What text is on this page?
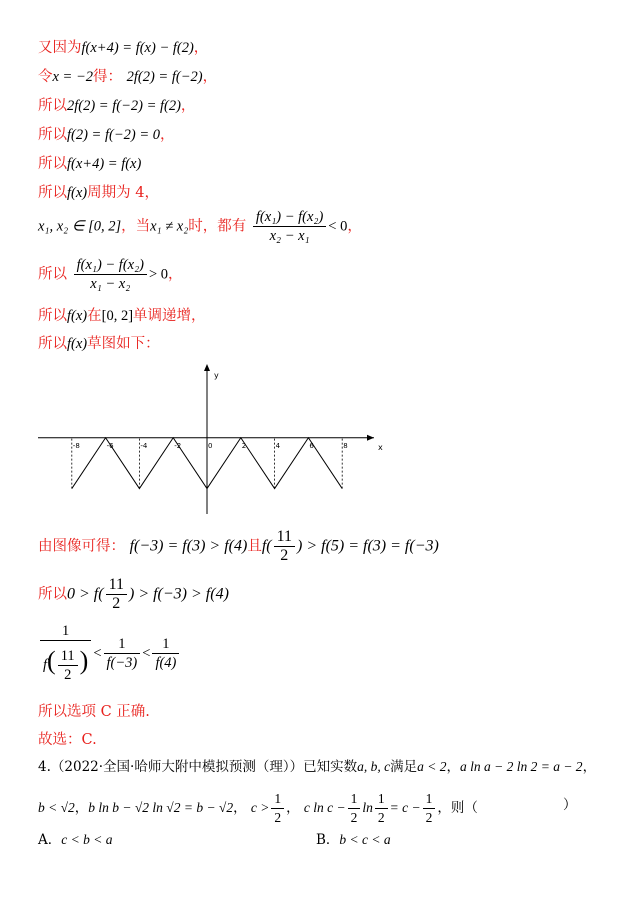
又因为f(x+4) = f(x) − f(2)，
令x = −2得： 2f(2) = f(−2)，
所以2f(2) = f(−2) = f(2)，
所以f(2) = f(−2) = 0，
所以f(x+4) = f(x)
所以f(x)周期为 4，
x₁, x₂ ∈ [0, 2]，当x₁ ≠ x₂时，都有 $\frac{\text{f(x₁) − f(x₂)}}{\text{x₂ − x₁}} < 0$，
所以 $\frac{\text{f(x₁) − f(x₂)}}{\text{x₁ − x₂}} > 0$，
所以f(x)在[0, 2]单调递增，
所以f(x)草图如下：
x
y
-8	-6	-4	-2	0	2	4	6	8
由图像可得： f(−3) = f(3) > f(4)且$f( \frac{11}{2}$ ) > f(5) = f(3) = f(−3)
所以$0 > f( \frac{11}{2}$ ) > f(−3) > f(4)
$\frac{1}{f( \frac{11}{2} )} < \frac{1}{f(-3)} < \frac{1}{f(4)}$
所以选项 C 正确.
故选：C.
4.（2022·全国·哈师大附中模拟预测（理））已知实数a, b, c满足a < 2，a ln a − 2 ln 2 = a − 2，
b < √2，b ln b − √2 ln √2 = b − √2， $c > \frac{1}{2}$ ， c $\ln c - \frac{1}{2}$ $\ln \frac{1}{2} = c - \frac{1}{2}$ ，则（	）
A．c < b < a	B．b < c < a
